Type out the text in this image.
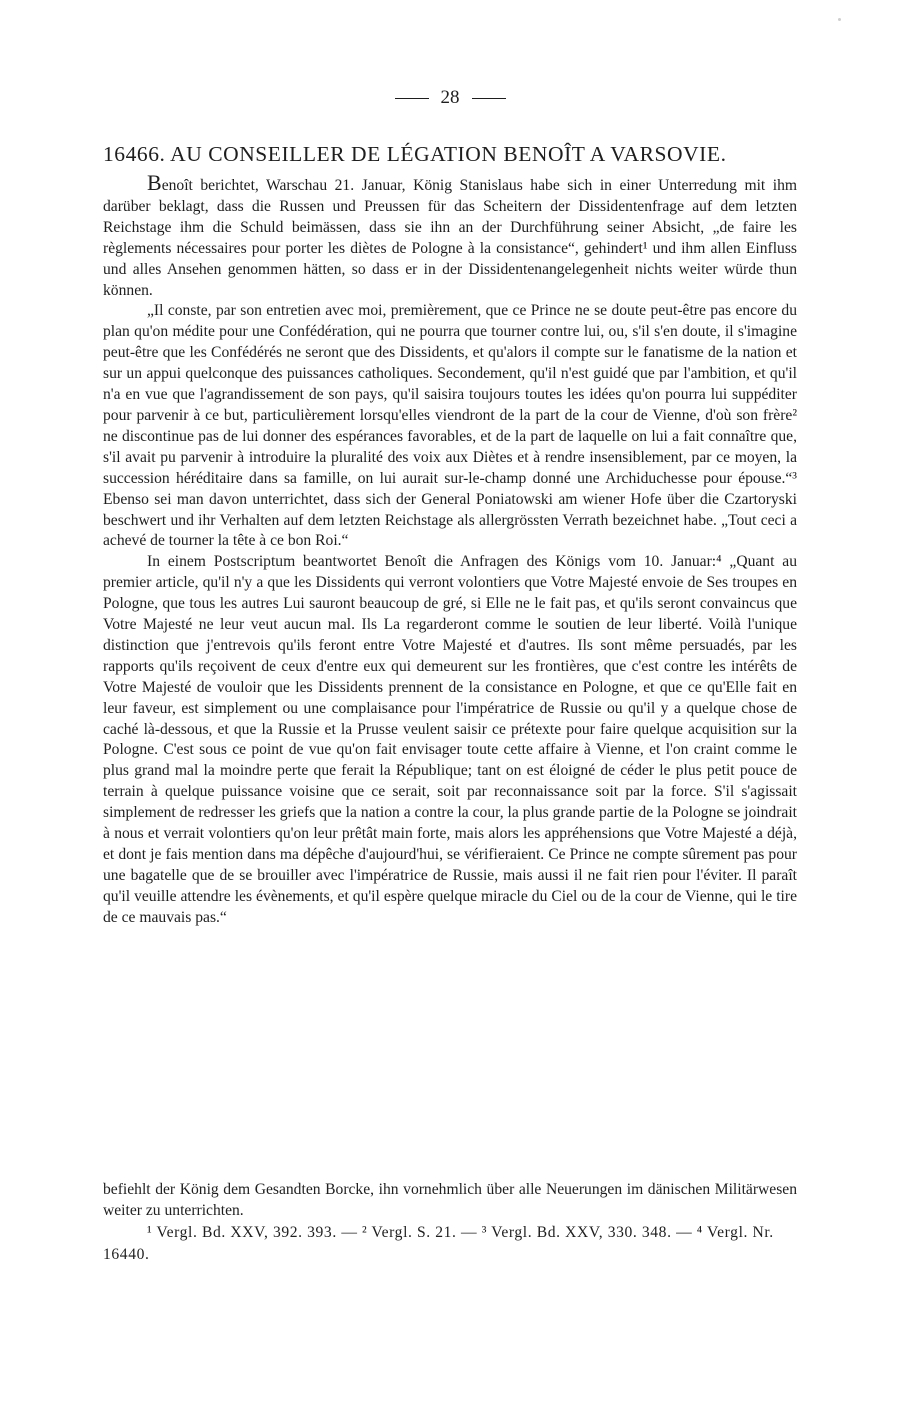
28
16466. AU CONSEILLER DE LÉGATION BENOÎT A VARSOVIE.

Benoît berichtet, Warschau 21. Januar, König Stanislaus habe sich in einer Unterredung mit ihm darüber beklagt, dass die Russen und Preussen für das Scheitern der Dissidentenfrage auf dem letzten Reichstage ihm die Schuld beimässen, dass sie ihn an der Durchführung seiner Absicht, „de faire les règlements nécessaires pour porter les diètes de Pologne à la consistance“, gehindert¹ und ihm allen Einfluss und alles Ansehen genommen hätten, so dass er in der Dissidentenangelegenheit nichts weiter würde thun können.

„Il conste, par son entretien avec moi, premièrement, que ce Prince ne se doute peut-être pas encore du plan qu'on médite pour une Confédération, qui ne pourra que tourner contre lui, ou, s'il s'en doute, il s'imagine peut-être que les Confédérés ne seront que des Dissidents, et qu'alors il compte sur le fanatisme de la nation et sur un appui quelconque des puissances catholiques. Secondement, qu'il n'est guidé que par l'ambition, et qu'il n'a en vue que l'agrandissement de son pays, qu'il saisira toujours toutes les idées qu'on pourra lui suppéditer pour parvenir à ce but, particulièrement lorsqu'elles viendront de la part de la cour de Vienne, d'où son frère² ne discontinue pas de lui donner des espérances favorables, et de la part de laquelle on lui a fait connaître que, s'il avait pu parvenir à introduire la pluralité des voix aux Diètes et à rendre insensiblement, par ce moyen, la succession héréditaire dans sa famille, on lui aurait sur-le-champ donné une Archiduchesse pour épouse.“³ Ebenso sei man davon unterrichtet, dass sich der General Poniatowski am wiener Hofe über die Czartoryski beschwert und ihr Verhalten auf dem letzten Reichstage als allergrössten Verrath bezeichnet habe. „Tout ceci a achevé de tourner la tête à ce bon Roi.“

In einem Postscriptum beantwortet Benoît die Anfragen des Königs vom 10. Januar:⁴ „Quant au premier article, qu'il n'y a que les Dissidents qui verront volontiers que Votre Majesté envoie de Ses troupes en Pologne, que tous les autres Lui sauront beaucoup de gré, si Elle ne le fait pas, et qu'ils seront convaincus que Votre Majesté ne leur veut aucun mal. Ils La regarderont comme le soutien de leur liberté. Voilà l'unique distinction que j'entrevois qu'ils feront entre Votre Majesté et d'autres. Ils sont même persuadés, par les rapports qu'ils reçoivent de ceux d'entre eux qui demeurent sur les frontières, que c'est contre les intérêts de Votre Majesté de vouloir que les Dissidents prennent de la consistance en Pologne, et que ce qu'Elle fait en leur faveur, est simplement ou une complaisance pour l'impératrice de Russie ou qu'il y a quelque chose de caché là-dessous, et que la Russie et la Prusse veulent saisir ce prétexte pour faire quelque acquisition sur la Pologne. C'est sous ce point de vue qu'on fait envisager toute cette affaire à Vienne, et l'on craint comme le plus grand mal la moindre perte que ferait la République; tant on est éloigné de céder le plus petit pouce de terrain à quelque puissance voisine que ce serait, soit par reconnaissance soit par la force. S'il s'agissait simplement de redresser les griefs que la nation a contre la cour, la plus grande partie de la Pologne se joindrait à nous et verrait volontiers qu'on leur prêtât main forte, mais alors les appréhensions que Votre Majesté a déjà, et dont je fais mention dans ma dépêche d'aujourd'hui, se vérifieraient. Ce Prince ne compte sûrement pas pour une bagatelle que de se brouiller avec l'impératrice de Russie, mais aussi il ne fait rien pour l'éviter. Il paraît qu'il veuille attendre les évènements, et qu'il espère quelque miracle du Ciel ou de la cour de Vienne, qui le tire de ce mauvais pas.“

befiehlt der König dem Gesandten Borcke, ihn vornehmlich über alle Neuerungen im dänischen Militärwesen weiter zu unterrichten.

¹ Vergl. Bd. XXV, 392. 393. — ² Vergl. S. 21. — ³ Vergl. Bd. XXV, 330. 348. — ⁴ Vergl. Nr. 16440.
